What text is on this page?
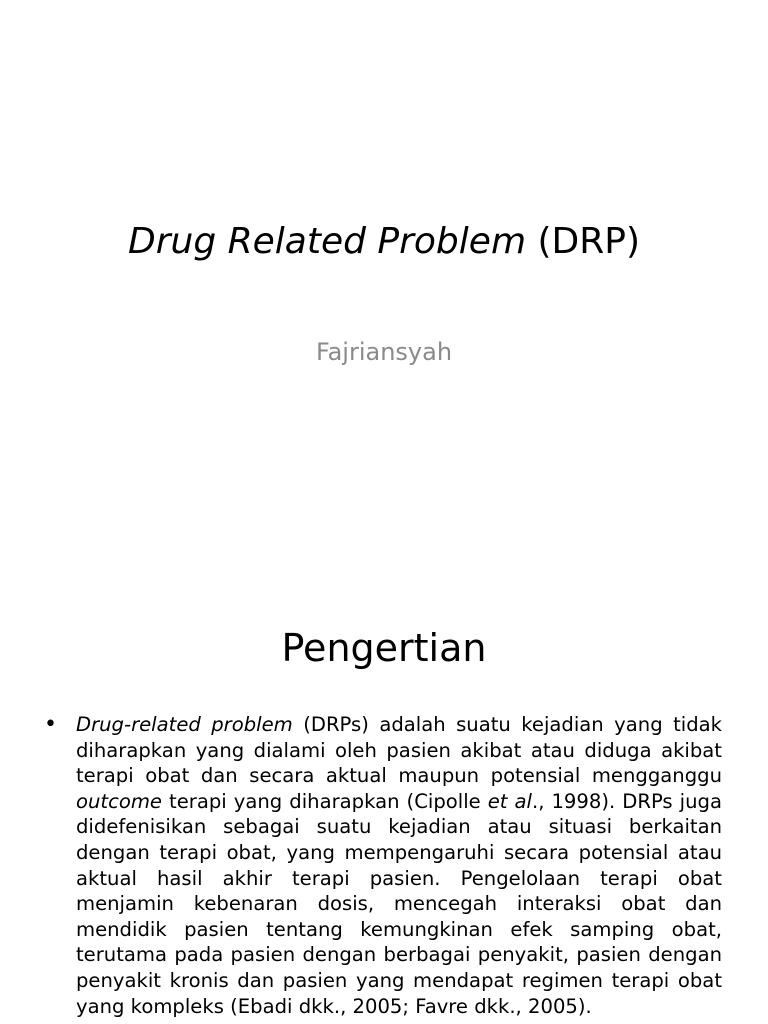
Drug Related Problem (DRP)
Fajriansyah
Pengertian
• Drug-related problem (DRPs) adalah suatu kejadian yang tidak diharapkan yang dialami oleh pasien akibat atau diduga akibat terapi obat dan secara aktual maupun potensial mengganggu outcome terapi yang diharapkan (Cipolle et al., 1998). DRPs juga didefenisikan sebagai suatu kejadian atau situasi berkaitan dengan terapi obat, yang mempengaruhi secara potensial atau aktual hasil akhir terapi pasien. Pengelolaan terapi obat menjamin kebenaran dosis, mencegah interaksi obat dan mendidik pasien tentang kemungkinan efek samping obat, terutama pada pasien dengan berbagai penyakit, pasien dengan penyakit kronis dan pasien yang mendapat regimen terapi obat yang kompleks (Ebadi dkk., 2005; Favre dkk., 2005).
